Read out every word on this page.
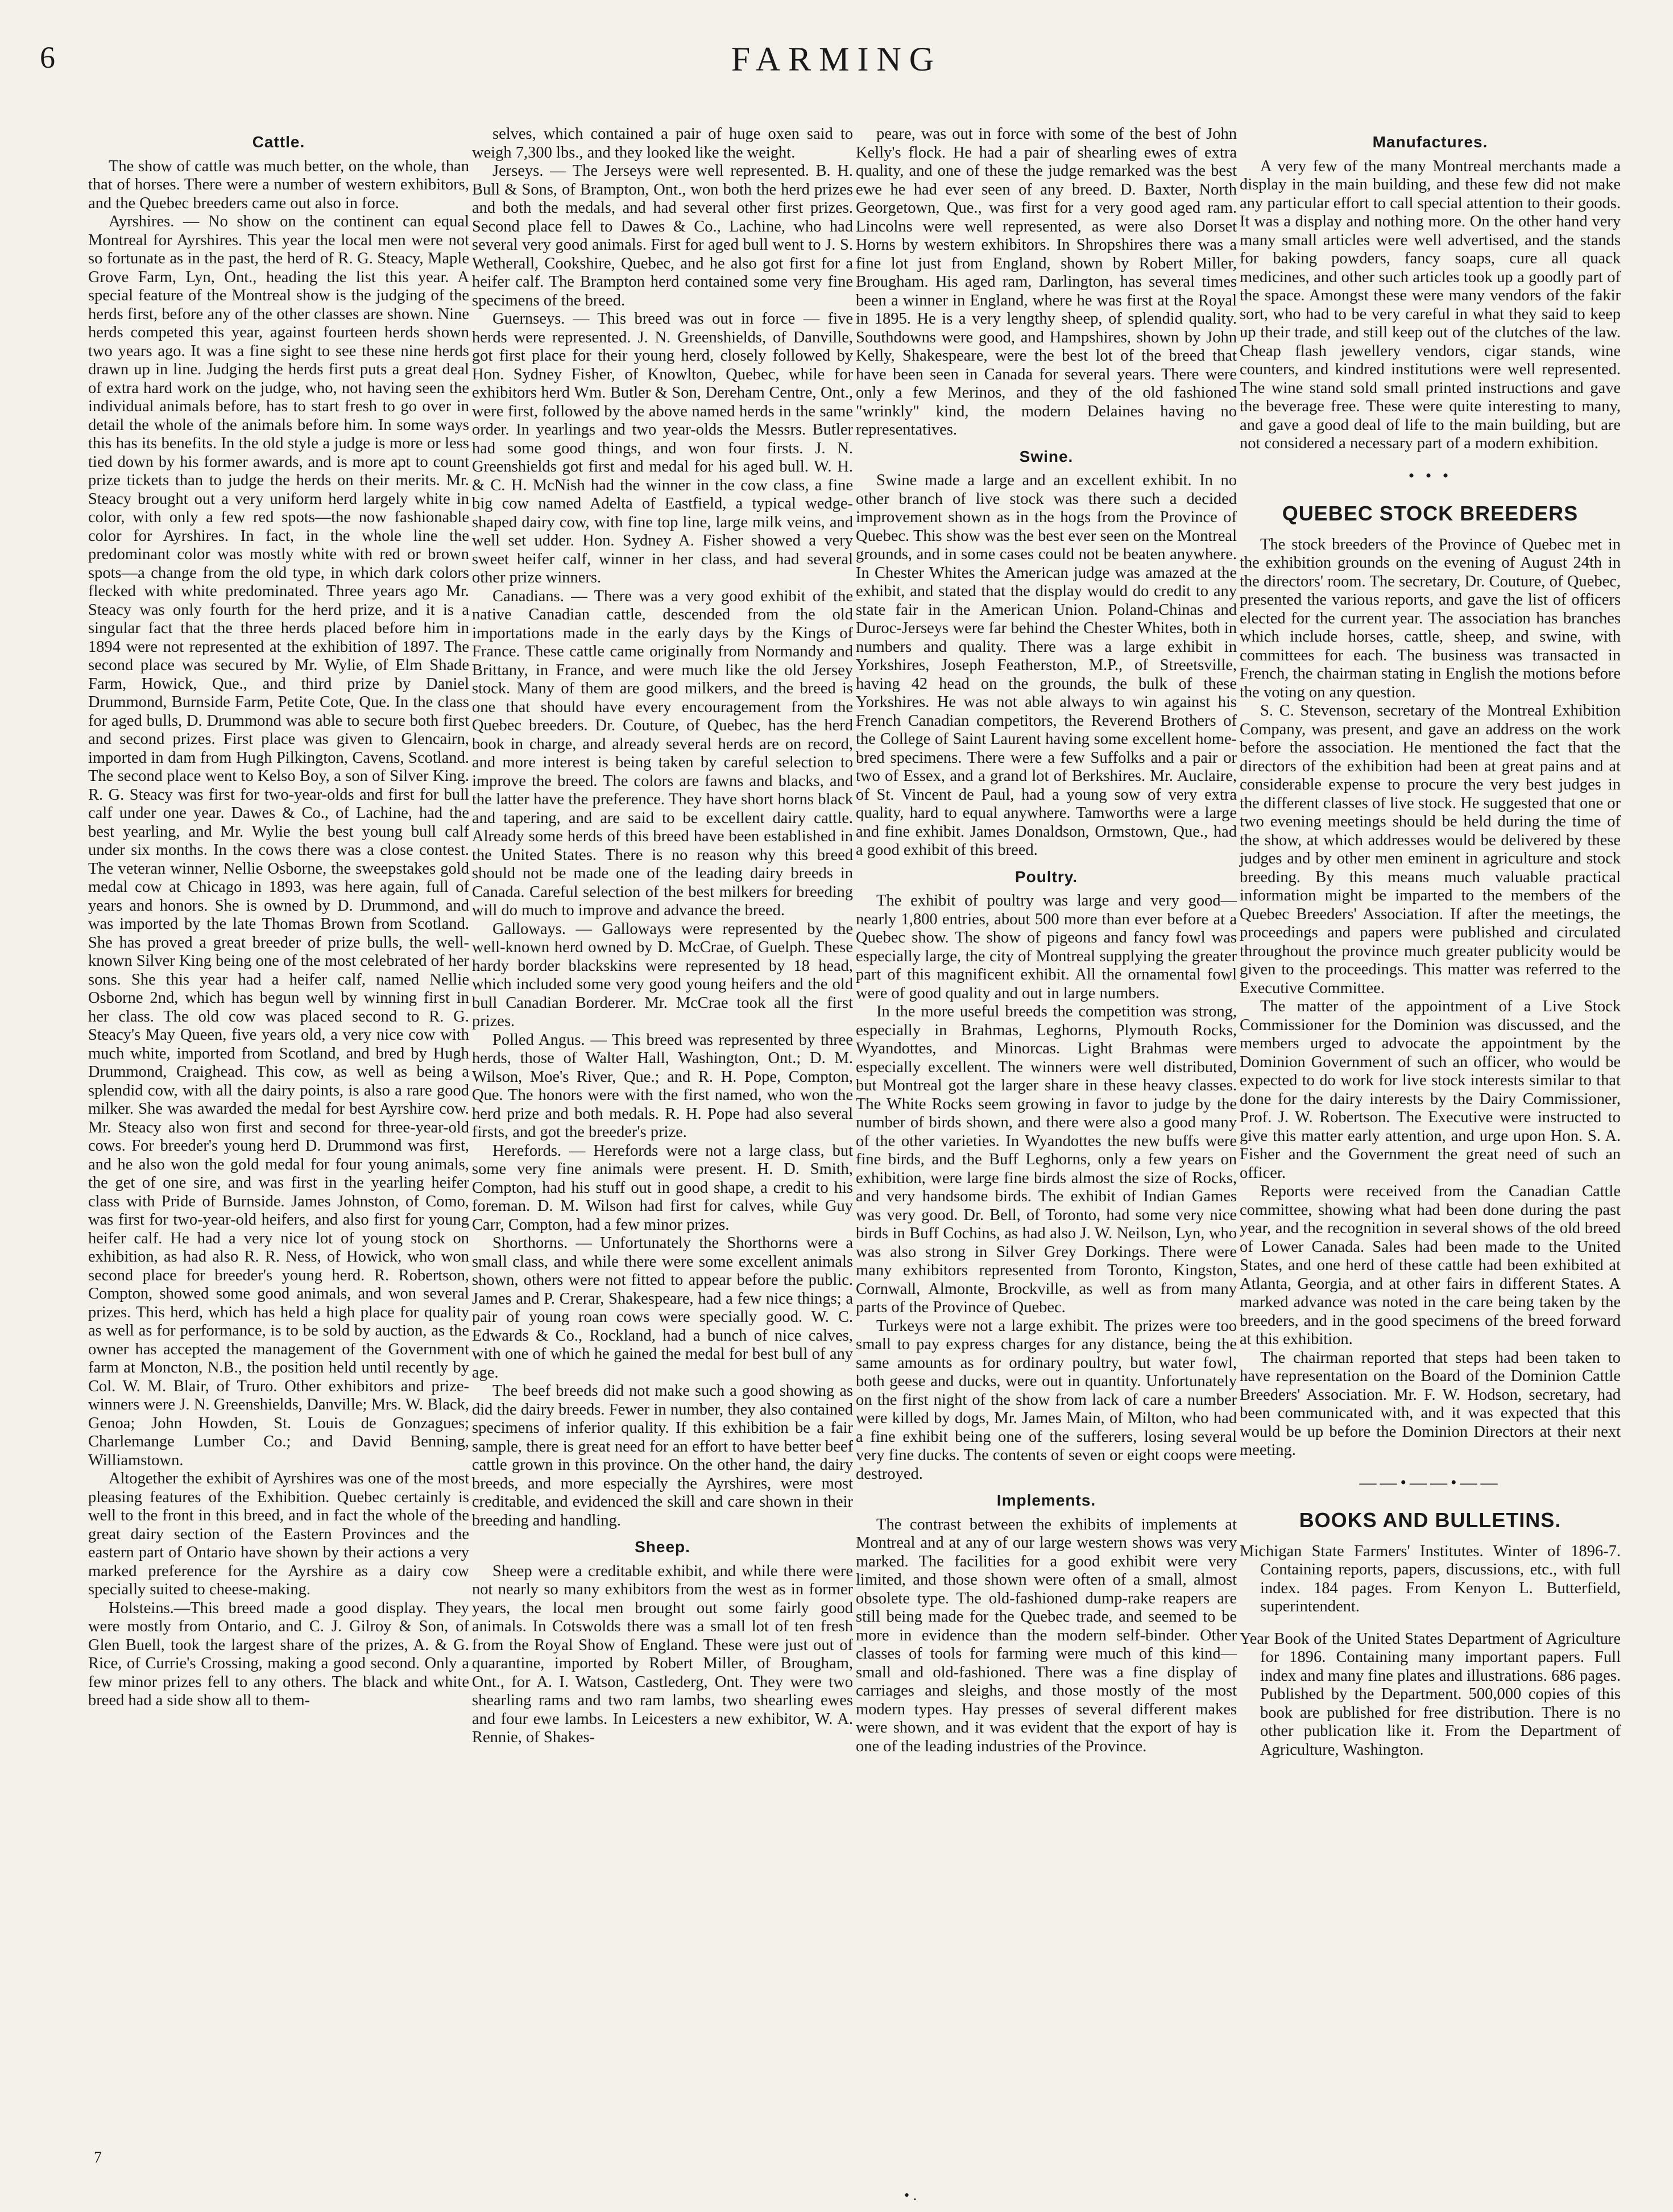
6	FARMING
Cattle.

The show of cattle was much better, on the whole, than that of horses. There were a number of western exhibitors, and the Quebec breeders came out also in force.

Ayrshires. — No show on the continent can equal Montreal for Ayrshires. This year the local men were not so fortunate as in the past, the herd of R. G. Steacy, Maple Grove Farm, Lyn, Ont., heading the list this year. A special feature of the Montreal show is the judging of the herds first, before any of the other classes are shown. Nine herds competed this year, against fourteen herds shown two years ago. It was a fine sight to see these nine herds drawn up in line. Judging the herds first puts a great deal of extra hard work on the judge, who, not having seen the individual animals before, has to start fresh to go over in detail the whole of the animals before him. In some ways this has its benefits. In the old style a judge is more or less tied down by his former awards, and is more apt to count prize tickets than to judge the herds on their merits. Mr. Steacy brought out a very uniform herd largely white in color, with only a few red spots—the now fashionable color for Ayrshires. In fact, in the whole line the predominant color was mostly white with red or brown spots—a change from the old type, in which dark colors flecked with white predominated. Three years ago Mr. Steacy was only fourth for the herd prize, and it is a singular fact that the three herds placed before him in 1894 were not represented at the exhibition of 1897. The second place was secured by Mr. Wylie, of Elm Shade Farm, Howick, Que., and third prize by Daniel Drummond, Burnside Farm, Petite Cote, Que. In the class for aged bulls, D. Drummond was able to secure both first and second prizes. First place was given to Glencairn, imported in dam from Hugh Pilkington, Cavens, Scotland. The second place went to Kelso Boy, a son of Silver King. R. G. Steacy was first for two-year-olds and first for bull calf under one year. Dawes & Co., of Lachine, had the best yearling, and Mr. Wylie the best young bull calf under six months. In the cows there was a close contest. The veteran winner, Nellie Osborne, the sweepstakes gold medal cow at Chicago in 1893, was here again, full of years and honors. She is owned by D. Drummond, and was imported by the late Thomas Brown from Scotland. She has proved a great breeder of prize bulls, the well-known Silver King being one of the most celebrated of her sons. She this year had a heifer calf, named Nellie Osborne 2nd, which has begun well by winning first in her class. The old cow was placed second to R. G. Steacy's May Queen, five years old, a very nice cow with much white, imported from Scotland, and bred by Hugh Drummond, Craighead. This cow, as well as being a splendid cow, with all the dairy points, is also a rare good milker. She was awarded the medal for best Ayrshire cow. Mr. Steacy also won first and second for three-year-old cows. For breeder's young herd D. Drummond was first, and he also won the gold medal for four young animals, the get of one sire, and was first in the yearling heifer class with Pride of Burnside. James Johnston, of Como, was first for two-year-old heifers, and also first for young heifer calf. He had a very nice lot of young stock on exhibition, as had also R. R. Ness, of Howick, who won second place for breeder's young herd. R. Robertson, Compton, showed some good animals, and won several prizes. This herd, which has held a high place for quality as well as for performance, is to be sold by auction, as the owner has accepted the management of the Government farm at Moncton, N.B., the position held until recently by Col. W. M. Blair, of Truro. Other exhibitors and prize-winners were J. N. Greenshields, Danville; Mrs. W. Black, Genoa; John Howden, St. Louis de Gonzagues; Charlemange Lumber Co.; and David Benning, Williamstown.

Altogether the exhibit of Ayrshires was one of the most pleasing features of the Exhibition. Quebec certainly is well to the front in this breed, and in fact the whole of the great dairy section of the Eastern Provinces and the eastern part of Ontario have shown by their actions a very marked preference for the Ayrshire as a dairy cow specially suited to cheese-making.

Holsteins.—This breed made a good display. They were mostly from Ontario, and C. J. Gilroy & Son, of Glen Buell, took the largest share of the prizes, A. & G. Rice, of Currie's Crossing, making a good second. Only a few minor prizes fell to any others. The black and white breed had a side show all to them-

selves, which contained a pair of huge oxen said to weigh 7,300 lbs., and they looked like the weight.

Jerseys. — The Jerseys were well represented. B. H. Bull & Sons, of Brampton, Ont., won both the herd prizes and both the medals, and had several other first prizes. Second place fell to Dawes & Co., Lachine, who had several very good animals. First for aged bull went to J. S. Wetherall, Cookshire, Quebec, and he also got first for a heifer calf. The Brampton herd contained some very fine specimens of the breed.

Guernseys. — This breed was out in force — five herds were represented. J. N. Greenshields, of Danville, got first place for their young herd, closely followed by Hon. Sydney Fisher, of Knowlton, Quebec, while for exhibitors herd Wm. Butler & Son, Dereham Centre, Ont., were first, followed by the above named herds in the same order. In yearlings and two year-olds the Messrs. Butler had some good things, and won four firsts. J. N. Greenshields got first and medal for his aged bull. W. H. & C. H. McNish had the winner in the cow class, a fine big cow named Adelta of Eastfield, a typical wedge-shaped dairy cow, with fine top line, large milk veins, and well set udder. Hon. Sydney A. Fisher showed a very sweet heifer calf, winner in her class, and had several other prize winners.

Canadians. — There was a very good exhibit of the native Canadian cattle, descended from the old importations made in the early days by the Kings of France. These cattle came originally from Normandy and Brittany, in France, and were much like the old Jersey stock. Many of them are good milkers, and the breed is one that should have every encouragement from the Quebec breeders. Dr. Couture, of Quebec, has the herd book in charge, and already several herds are on record, and more interest is being taken by careful selection to improve the breed. The colors are fawns and blacks, and the latter have the preference. They have short horns black and tapering, and are said to be excellent dairy cattle. Already some herds of this breed have been established in the United States. There is no reason why this breed should not be made one of the leading dairy breeds in Canada. Careful selection of the best milkers for breeding will do much to improve and advance the breed.

Galloways. — Galloways were represented by the well-known herd owned by D. McCrae, of Guelph. These hardy border blackskins were represented by 18 head, which included some very good young heifers and the old bull Canadian Borderer. Mr. McCrae took all the first prizes.

Polled Angus. — This breed was represented by three herds, those of Walter Hall, Washington, Ont.; D. M. Wilson, Moe's River, Que.; and R. H. Pope, Compton, Que. The honors were with the first named, who won the herd prize and both medals. R. H. Pope had also several firsts, and got the breeder's prize.

Herefords. — Herefords were not a large class, but some very fine animals were present. H. D. Smith, Compton, had his stuff out in good shape, a credit to his foreman. D. M. Wilson had first for calves, while Guy Carr, Compton, had a few minor prizes.

Shorthorns. — Unfortunately the Shorthorns were a small class, and while there were some excellent animals shown, others were not fitted to appear before the public. James and P. Crerar, Shakespeare, had a few nice things; a pair of young roan cows were specially good. W. C. Edwards & Co., Rockland, had a bunch of nice calves, with one of which he gained the medal for best bull of any age.

The beef breeds did not make such a good showing as did the dairy breeds. Fewer in number, they also contained specimens of inferior quality. If this exhibition be a fair sample, there is great need for an effort to have better beef cattle grown in this province. On the other hand, the dairy breeds, and more especially the Ayrshires, were most creditable, and evidenced the skill and care shown in their breeding and handling.

Sheep.

Sheep were a creditable exhibit, and while there were not nearly so many exhibitors from the west as in former years, the local men brought out some fairly good animals. In Cotswolds there was a small lot of ten fresh from the Royal Show of England. These were just out of quarantine, imported by Robert Miller, of Brougham, Ont., for A. I. Watson, Castlederg, Ont. They were two shearling rams and two ram lambs, two shearling ewes and four ewe lambs. In Leicesters a new exhibitor, W. A. Rennie, of Shakes-

peare, was out in force with some of the best of John Kelly's flock. He had a pair of shearling ewes of extra quality, and one of these the judge remarked was the best ewe he had ever seen of any breed. D. Baxter, North Georgetown, Que., was first for a very good aged ram. Lincolns were well represented, as were also Dorset Horns by western exhibitors. In Shropshires there was a fine lot just from England, shown by Robert Miller, Brougham. His aged ram, Darlington, has several times been a winner in England, where he was first at the Royal in 1895. He is a very lengthy sheep, of splendid quality. Southdowns were good, and Hampshires, shown by John Kelly, Shakespeare, were the best lot of the breed that have been seen in Canada for several years. There were only a few Merinos, and they of the old fashioned "wrinkly" kind, the modern Delaines having no representatives.

Swine.

Swine made a large and an excellent exhibit. In no other branch of live stock was there such a decided improvement shown as in the hogs from the Province of Quebec. This show was the best ever seen on the Montreal grounds, and in some cases could not be beaten anywhere. In Chester Whites the American judge was amazed at the exhibit, and stated that the display would do credit to any state fair in the American Union. Poland-Chinas and Duroc-Jerseys were far behind the Chester Whites, both in numbers and quality. There was a large exhibit in Yorkshires, Joseph Featherston, M.P., of Streetsville, having 42 head on the grounds, the bulk of these Yorkshires. He was not able always to win against his French Canadian competitors, the Reverend Brothers of the College of Saint Laurent having some excellent home-bred specimens. There were a few Suffolks and a pair or two of Essex, and a grand lot of Berkshires. Mr. Auclaire, of St. Vincent de Paul, had a young sow of very extra quality, hard to equal anywhere. Tamworths were a large and fine exhibit. James Donaldson, Ormstown, Que., had a good exhibit of this breed.

Poultry.

The exhibit of poultry was large and very good—nearly 1,800 entries, about 500 more than ever before at a Quebec show. The show of pigeons and fancy fowl was especially large, the city of Montreal supplying the greater part of this magnificent exhibit. All the ornamental fowl were of good quality and out in large numbers.

In the more useful breeds the competition was strong, especially in Brahmas, Leghorns, Plymouth Rocks, Wyandottes, and Minorcas. Light Brahmas were especially excellent. The winners were well distributed, but Montreal got the larger share in these heavy classes. The White Rocks seem growing in favor to judge by the number of birds shown, and there were also a good many of the other varieties. In Wyandottes the new buffs were fine birds, and the Buff Leghorns, only a few years on exhibition, were large fine birds almost the size of Rocks, and very handsome birds. The exhibit of Indian Games was very good. Dr. Bell, of Toronto, had some very nice birds in Buff Cochins, as had also J. W. Neilson, Lyn, who was also strong in Silver Grey Dorkings. There were many exhibitors represented from Toronto, Kingston, Cornwall, Almonte, Brockville, as well as from many parts of the Province of Quebec.

Turkeys were not a large exhibit. The prizes were too small to pay express charges for any distance, being the same amounts as for ordinary poultry, but water fowl, both geese and ducks, were out in quantity. Unfortunately on the first night of the show from lack of care a number were killed by dogs, Mr. James Main, of Milton, who had a fine exhibit being one of the sufferers, losing several very fine ducks. The contents of seven or eight coops were destroyed.

Implements.

The contrast between the exhibits of implements at Montreal and at any of our large western shows was very marked. The facilities for a good exhibit were very limited, and those shown were often of a small, almost obsolete type. The old-fashioned dump-rake reapers are still being made for the Quebec trade, and seemed to be more in evidence than the modern self-binder. Other classes of tools for farming were much of this kind—small and old-fashioned. There was a fine display of carriages and sleighs, and those mostly of the most modern types. Hay presses of several different makes were shown, and it was evident that the export of hay is one of the leading industries of the Province.

Manufactures.

A very few of the many Montreal merchants made a display in the main building, and these few did not make any particular effort to call special attention to their goods. It was a display and nothing more. On the other hand very many small articles were well advertised, and the stands for baking powders, fancy soaps, cure all quack medicines, and other such articles took up a goodly part of the space. Amongst these were many vendors of the fakir sort, who had to be very careful in what they said to keep up their trade, and still keep out of the clutches of the law. Cheap flash jewellery vendors, cigar stands, wine counters, and kindred institutions were well represented. The wine stand sold small printed instructions and gave the beverage free. These were quite interesting to many, and gave a good deal of life to the main building, but are not considered a necessary part of a modern exhibition.

• • •
QUEBEC STOCK BREEDERS

The stock breeders of the Province of Quebec met in the exhibition grounds on the evening of August 24th in the directors' room. The secretary, Dr. Couture, of Quebec, presented the various reports, and gave the list of officers elected for the current year. The association has branches which include horses, cattle, sheep, and swine, with committees for each. The business was transacted in French, the chairman stating in English the motions before the voting on any question.

S. C. Stevenson, secretary of the Montreal Exhibition Company, was present, and gave an address on the work before the association. He mentioned the fact that the directors of the exhibition had been at great pains and at considerable expense to procure the very best judges in the different classes of live stock. He suggested that one or two evening meetings should be held during the time of the show, at which addresses would be delivered by these judges and by other men eminent in agriculture and stock breeding. By this means much valuable practical information might be imparted to the members of the Quebec Breeders' Association. If after the meetings, the proceedings and papers were published and circulated throughout the province much greater publicity would be given to the proceedings. This matter was referred to the Executive Committee.

The matter of the appointment of a Live Stock Commissioner for the Dominion was discussed, and the members urged to advocate the appointment by the Dominion Government of such an officer, who would be expected to do work for live stock interests similar to that done for the dairy interests by the Dairy Commissioner, Prof. J. W. Robertson. The Executive were instructed to give this matter early attention, and urge upon Hon. S. A. Fisher and the Government the great need of such an officer.

Reports were received from the Canadian Cattle committee, showing what had been done during the past year, and the recognition in several shows of the old breed of Lower Canada. Sales had been made to the United States, and one herd of these cattle had been exhibited at Atlanta, Georgia, and at other fairs in different States. A marked advance was noted in the care being taken by the breeders, and in the good specimens of the breed forward at this exhibition.

The chairman reported that steps had been taken to have representation on the Board of the Dominion Cattle Breeders' Association. Mr. F. W. Hodson, secretary, had been communicated with, and it was expected that this would be up before the Dominion Directors at their next meeting.

——•——•——
BOOKS AND BULLETINS.

Michigan State Farmers' Institutes. Winter of 1896-7. Containing reports, papers, discussions, etc., with full index. 184 pages. From Kenyon L. Butterfield, superintendent.

Year Book of the United States Department of Agriculture for 1896. Containing many important papers. Full index and many fine plates and illustrations. 686 pages. Published by the Department. 500,000 copies of this book are published for free distribution. There is no other publication like it. From the Department of Agriculture, Washington.

7
• .
